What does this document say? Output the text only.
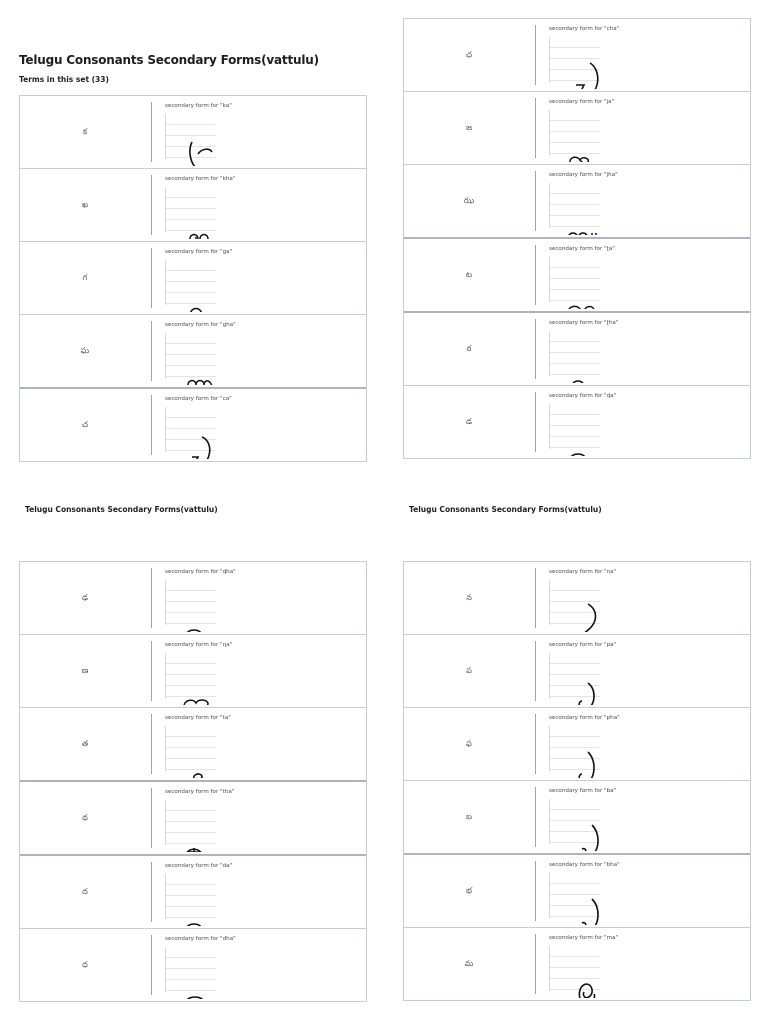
Telugu Consonants Secondary Forms(vattulu)
Terms in this set (33)
Telugu Consonants Secondary Forms(vattulu)	Telugu Consonants Secondary Forms(vattulu)
క
secondary form for "ka"
ఖ
secondary form for "kha"
గ
secondary form for "ga"
ఘ
secondary form for "gha"
చ
secondary form for "ca"
ఛ
secondary form for "cha"
జ
secondary form for "ja"
ఝ
secondary form for "jha"
ట
secondary form for "ʈa"
ఠ
secondary form for "ʈha"
డ
secondary form for "ɖa"
ఢ
secondary form for "ɖha"
ణ
secondary form for "ɳa"
త
secondary form for "ta"
థ
secondary form for "tha"
ద
secondary form for "da"
ధ
secondary form for "dha"
న
secondary form for "na"
ప
secondary form for "pa"
ఫ
secondary form for "pha"
బ
secondary form for "ba"
భ
secondary form for "bha"
మ
secondary form for "ma"
